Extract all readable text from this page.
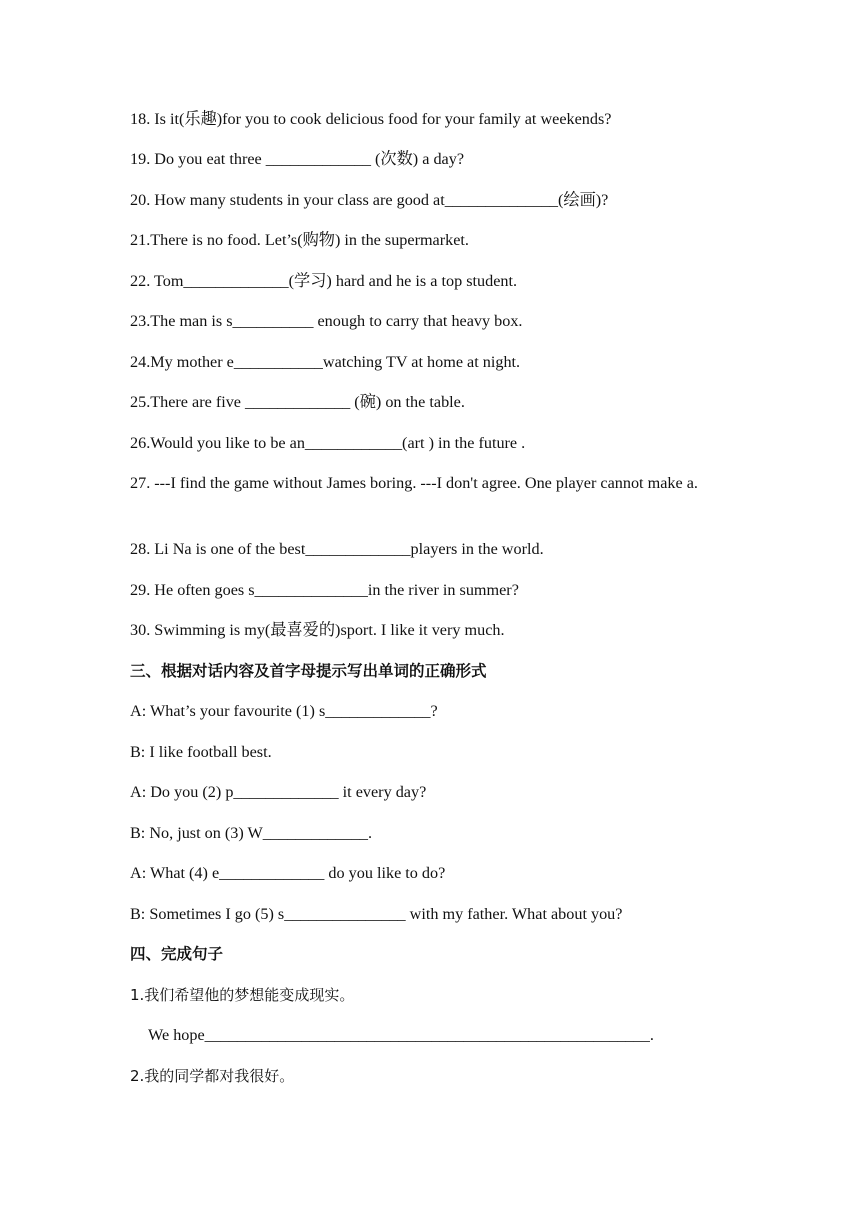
18. Is it(乐趣)for you to cook delicious food for your family at weekends?
19. Do you eat three _____________ (次数) a day?
20. How many students in your class are good at______________(绘画)?
21.There is no food. Let’s(购物) in the supermarket.
22. Tom_____________(学习) hard and he is a top student.
23.The man is s__________ enough to carry that heavy box.
24.My mother e___________watching TV at home at night.
25.There are five _____________ (碗) on the table.
26.Would you like to be an____________(art ) in the future .
27. ---I find the game without James boring. ---I don't agree. One player cannot make a.
28. Li Na is one of the best_____________players in the world.
29. He often goes s______________in the river in summer?
30. Swimming is my(最喜爱的)sport. I like it very much.
三、根据对话内容及首字母提示写出单词的正确形式
A: What’s your favourite (1) s_____________?
B: I like football best.
A: Do you (2) p_____________ it every day?
B: No, just on (3) W_____________.
A: What (4) e_____________ do you like to do?
B: Sometimes I go (5) s_______________ with my father. What about you?
四、完成句子
1.我们希望他的梦想能变成现实。
We hope_______________________________________________________.
2.我的同学都对我很好。
